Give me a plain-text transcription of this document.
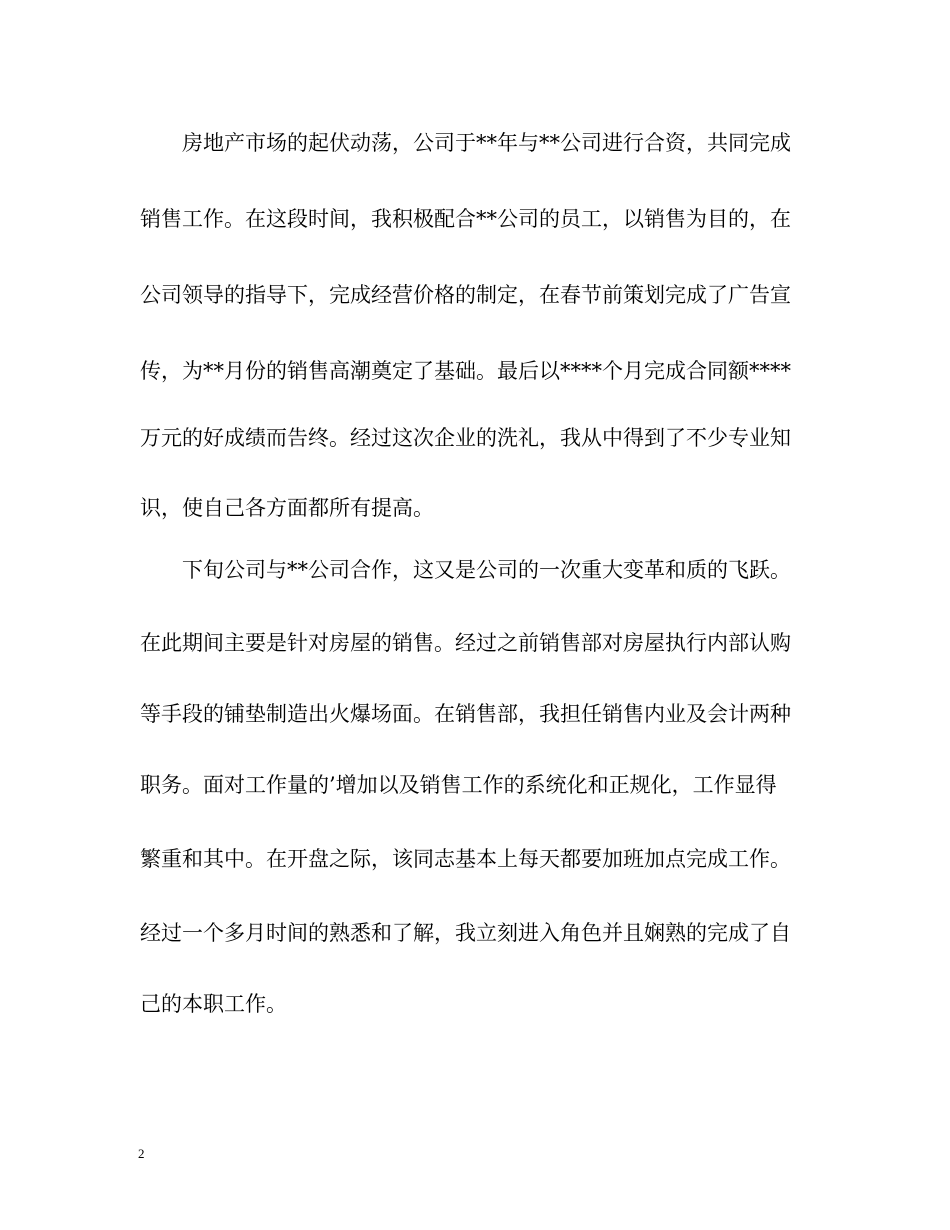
房地产市场的起伏动荡，公司于**年与**公司进行合资，共同完成
销售工作。在这段时间，我积极配合**公司的员工，以销售为目的，在
公司领导的指导下，完成经营价格的制定，在春节前策划完成了广告宣
传，为**月份的销售高潮奠定了基础。最后以****个月完成合同额****
万元的好成绩而告终。经过这次企业的洗礼，我从中得到了不少专业知
识，使自己各方面都所有提高。
下旬公司与**公司合作，这又是公司的一次重大变革和质的飞跃。
在此期间主要是针对房屋的销售。经过之前销售部对房屋执行内部认购
等手段的铺垫制造出火爆场面。在销售部，我担任销售内业及会计两种
职务。面对工作量的’增加以及销售工作的系统化和正规化，工作显得
繁重和其中。在开盘之际，该同志基本上每天都要加班加点完成工作。
经过一个多月时间的熟悉和了解，我立刻进入角色并且娴熟的完成了自
己的本职工作。
2
